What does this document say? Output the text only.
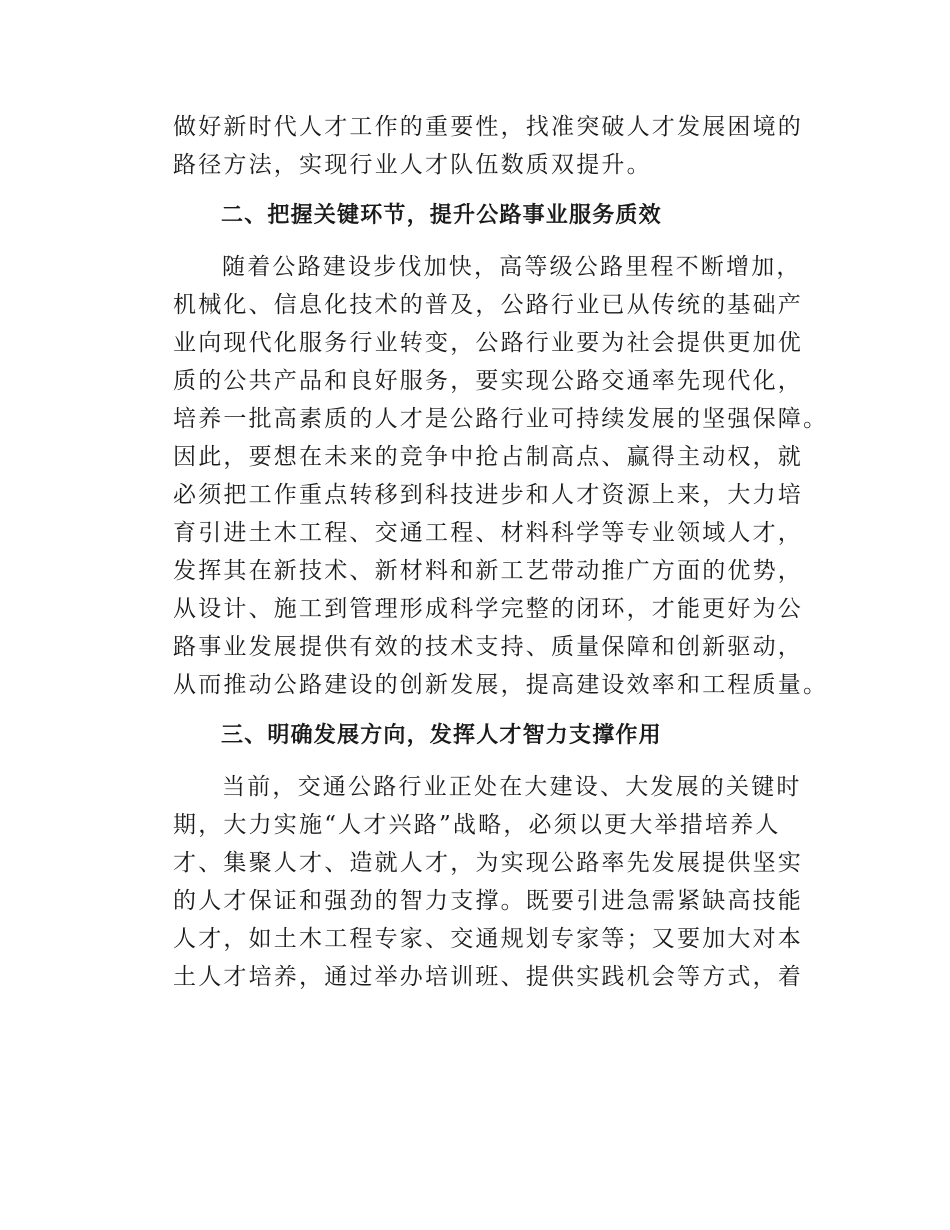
做好新时代人才工作的重要性，找准突破人才发展困境的
路径方法，实现行业人才队伍数质双提升。
二、把握关键环节，提升公路事业服务质效
随着公路建设步伐加快，高等级公路里程不断增加，
机械化、信息化技术的普及，公路行业已从传统的基础产
业向现代化服务行业转变，公路行业要为社会提供更加优
质的公共产品和良好服务，要实现公路交通率先现代化，
培养一批高素质的人才是公路行业可持续发展的坚强保障。
因此，要想在未来的竞争中抢占制高点、赢得主动权，就
必须把工作重点转移到科技进步和人才资源上来，大力培
育引进土木工程、交通工程、材料科学等专业领域人才，
发挥其在新技术、新材料和新工艺带动推广方面的优势，
从设计、施工到管理形成科学完整的闭环，才能更好为公
路事业发展提供有效的技术支持、质量保障和创新驱动，
从而推动公路建设的创新发展，提高建设效率和工程质量。
三、明确发展方向，发挥人才智力支撑作用
当前，交通公路行业正处在大建设、大发展的关键时
期，大力实施“人才兴路”战略，必须以更大举措培养人
才、集聚人才、造就人才，为实现公路率先发展提供坚实
的人才保证和强劲的智力支撑。既要引进急需紧缺高技能
人才，如土木工程专家、交通规划专家等；又要加大对本
土人才培养，通过举办培训班、提供实践机会等方式，着
